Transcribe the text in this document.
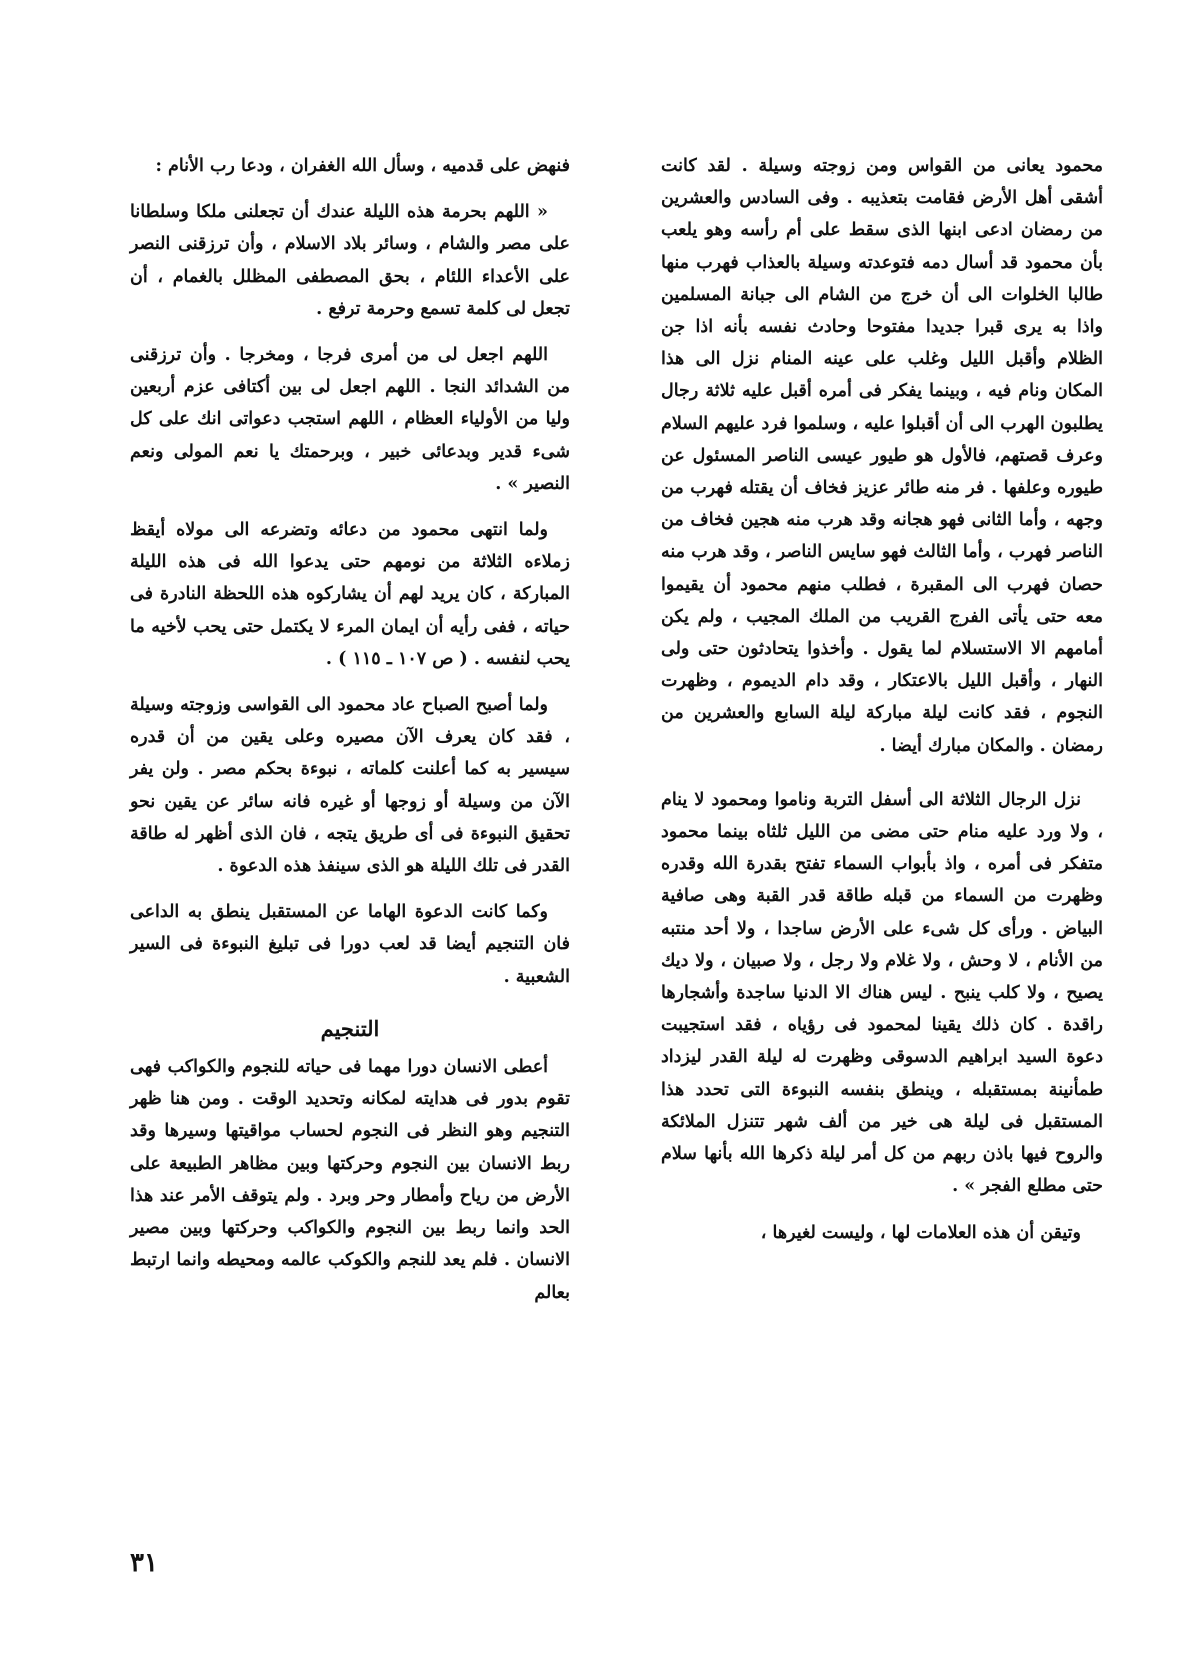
محمود يعانى من القواس ومن زوجته وسيلة . لقد كانت أشقى أهل الأرض فقامت بتعذيبه . وفى السادس والعشرين من رمضان ادعى ابنها الذى سقط على أم رأسه وهو يلعب بأن محمود قد أسال دمه فتوعدته وسيلة بالعذاب فهرب منها طالبا الخلوات الى أن خرج من الشام الى جبانة المسلمين واذا به يرى قبرا جديدا مفتوحا وحادث نفسه بأنه اذا جن الظلام وأقبل الليل وغلب على عينه المنام نزل الى هذا المكان ونام فيه ، وبينما يفكر فى أمره أقبل عليه ثلاثة رجال يطلبون الهرب الى أن أقبلوا عليه ، وسلموا فرد عليهم السلام وعرف قصتهم، فالأول هو طيور عيسى الناصر المسئول عن طيوره وعلفها . فر منه طائر عزيز فخاف أن يقتله فهرب من وجهه ، وأما الثانى فهو هجانه وقد هرب منه هجين فخاف من الناصر فهرب ، وأما الثالث فهو سايس الناصر ، وقد هرب منه حصان فهرب الى المقبرة ، فطلب منهم محمود أن يقيموا معه حتى يأتى الفرج القريب من الملك المجيب ، ولم يكن أمامهم الا الاستسلام لما يقول . وأخذوا يتحادثون حتى ولى النهار ، وأقبل الليل بالاعتكار ، وقد دام الديموم ، وظهرت النجوم ، فقد كانت ليلة مباركة ليلة السابع والعشرين من رمضان . والمكان مبارك أيضا .

نزل الرجال الثلاثة الى أسفل التربة وناموا ومحمود لا ينام ، ولا ورد عليه منام حتى مضى من الليل ثلثاه بينما محمود متفكر فى أمره ، واذ بأبواب السماء تفتح بقدرة الله وقدره وظهرت من السماء من قبله طاقة قدر القبة وهى صافية البياض . ورأى كل شىء على الأرض ساجدا ، ولا أحد منتبه من الأنام ، لا وحش ، ولا غلام ولا رجل ، ولا صبيان ، ولا ديك يصيح ، ولا كلب ينبح . ليس هناك الا الدنيا ساجدة وأشجارها راقدة . كان ذلك يقينا لمحمود فى رؤياه ، فقد استجيبت دعوة السيد ابراهيم الدسوقى وظهرت له ليلة القدر ليزداد طمأنينة بمستقبله ، وينطق بنفسه النبوءة التى تحدد هذا المستقبل فى ليلة هى خير من ألف شهر تتنزل الملائكة والروح فيها باذن ربهم من كل أمر ليلة ذكرها الله بأنها سلام حتى مطلع الفجر » .

وتيقن أن هذه العلامات لها ، وليست لغيرها ،

فنهض على قدميه ، وسأل الله الغفران ، ودعا رب الأنام :

« اللهم بحرمة هذه الليلة عندك أن تجعلنى ملكا وسلطانا على مصر والشام ، وسائر بلاد الاسلام ، وأن ترزقنى النصر على الأعداء اللئام ، بحق المصطفى المظلل بالغمام ، أن تجعل لى كلمة تسمع وحرمة ترفع .

اللهم اجعل لى من أمرى فرجا ، ومخرجا . وأن ترزقنى من الشدائد النجا . اللهم اجعل لى بين أكتافى عزم أربعين وليا من الأولياء العظام ، اللهم استجب دعواتى انك على كل شىء قدير وبدعائى خبير ، وبرحمتك يا نعم المولى ونعم النصير » .

ولما انتهى محمود من دعائه وتضرعه الى مولاه أيقظ زملاءه الثلاثة من نومهم حتى يدعوا الله فى هذه الليلة المباركة ، كان يريد لهم أن يشاركوه هذه اللحظة النادرة فى حياته ، ففى رأيه أن ايمان المرء لا يكتمل حتى يحب لأخيه ما يحب لنفسه . ( ص ١٠٧ ـ ١١٥ ) .

ولما أصبح الصباح عاد محمود الى القواسى وزوجته وسيلة ، فقد كان يعرف الآن مصيره وعلى يقين من أن قدره سيسير به كما أعلنت كلماته ، نبوءة بحكم مصر . ولن يفر الآن من وسيلة أو زوجها أو غيره فانه سائر عن يقين نحو تحقيق النبوءة فى أى طريق يتجه ، فان الذى أظهر له طاقة القدر فى تلك الليلة هو الذى سينفذ هذه الدعوة .

وكما كانت الدعوة الهاما عن المستقبل ينطق به الداعى فان التنجيم أيضا قد لعب دورا فى تبليغ النبوءة فى السير الشعبية .

التنجيم

أعطى الانسان دورا مهما فى حياته للنجوم والكواكب فهى تقوم بدور فى هدايته لمكانه وتحديد الوقت . ومن هنا ظهر التنجيم وهو النظر فى النجوم لحساب مواقيتها وسيرها وقد ربط الانسان بين النجوم وحركتها وبين مظاهر الطبيعة على الأرض من رياح وأمطار وحر وبرد . ولم يتوقف الأمر عند هذا الحد وانما ربط بين النجوم والكواكب وحركتها وبين مصير الانسان . فلم يعد للنجم والكوكب عالمه ومحيطه وانما ارتبط بعالم

٣١
